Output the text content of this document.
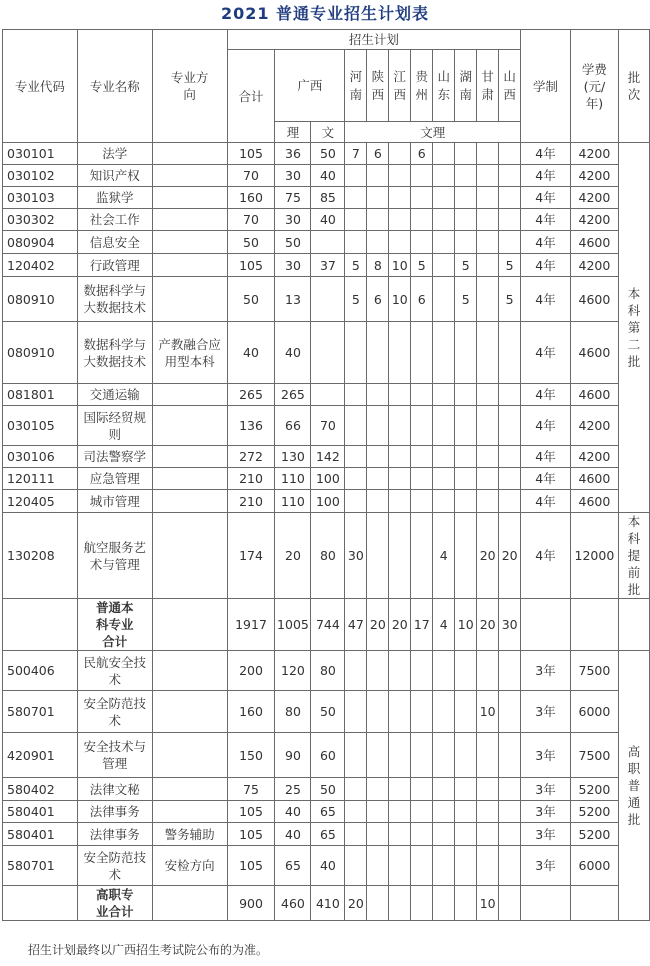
2021 普通专业招生计划表
专业代码	专业名称	专业方向	招生计划											学制	学费(元/年)	批次
			合计	广西		河南	陕西	江西	贵州	山东	湖南	甘肃	山西			
				理	文	文理										
030101	法学		105	36	50	7	6		6					4年	4200	本科第二批
030102	知识产权		70	30	40									4年	4200	
030103	监狱学		160	75	85									4年	4200	
030302	社会工作		70	30	40									4年	4200	
080904	信息安全		50	50										4年	4600	
120402	行政管理		105	30	37	5	8	10	5		5		5	4年	4200	
080910	数据科学与大数据技术		50	13		5	6	10	6		5		5	4年	4600	
080910	数据科学与大数据技术	产教融合应用型本科	40	40										4年	4600	
081801	交通运输		265	265										4年	4600	
030105	国际经贸规则		136	66	70									4年	4200	
030106	司法警察学		272	130	142									4年	4200	
120111	应急管理		210	110	100									4年	4600	
120405	城市管理		210	110	100									4年	4600	
130208	航空服务艺术与管理		174	20	80	30				4		20	20	4年	12000	本科提前批
	普通本科专业合计		1917	1005	744	47	20	20	17	4	10	20	30			
500406	民航安全技术		200	120	80									3年	7500	高职普通批
580701	安全防范技术		160	80	50							10		3年	6000	
420901	安全技术与管理		150	90	60									3年	7500	
580402	法律文秘		75	25	50									3年	5200	
580401	法律事务		105	40	65									3年	5200	
580401	法律事务	警务辅助	105	40	65									3年	5200	
580701	安全防范技术	安检方向	105	65	40									3年	6000	
	高职专业合计		900	460	410	20						10				
招生计划最终以广西招生考试院公布的为准。
